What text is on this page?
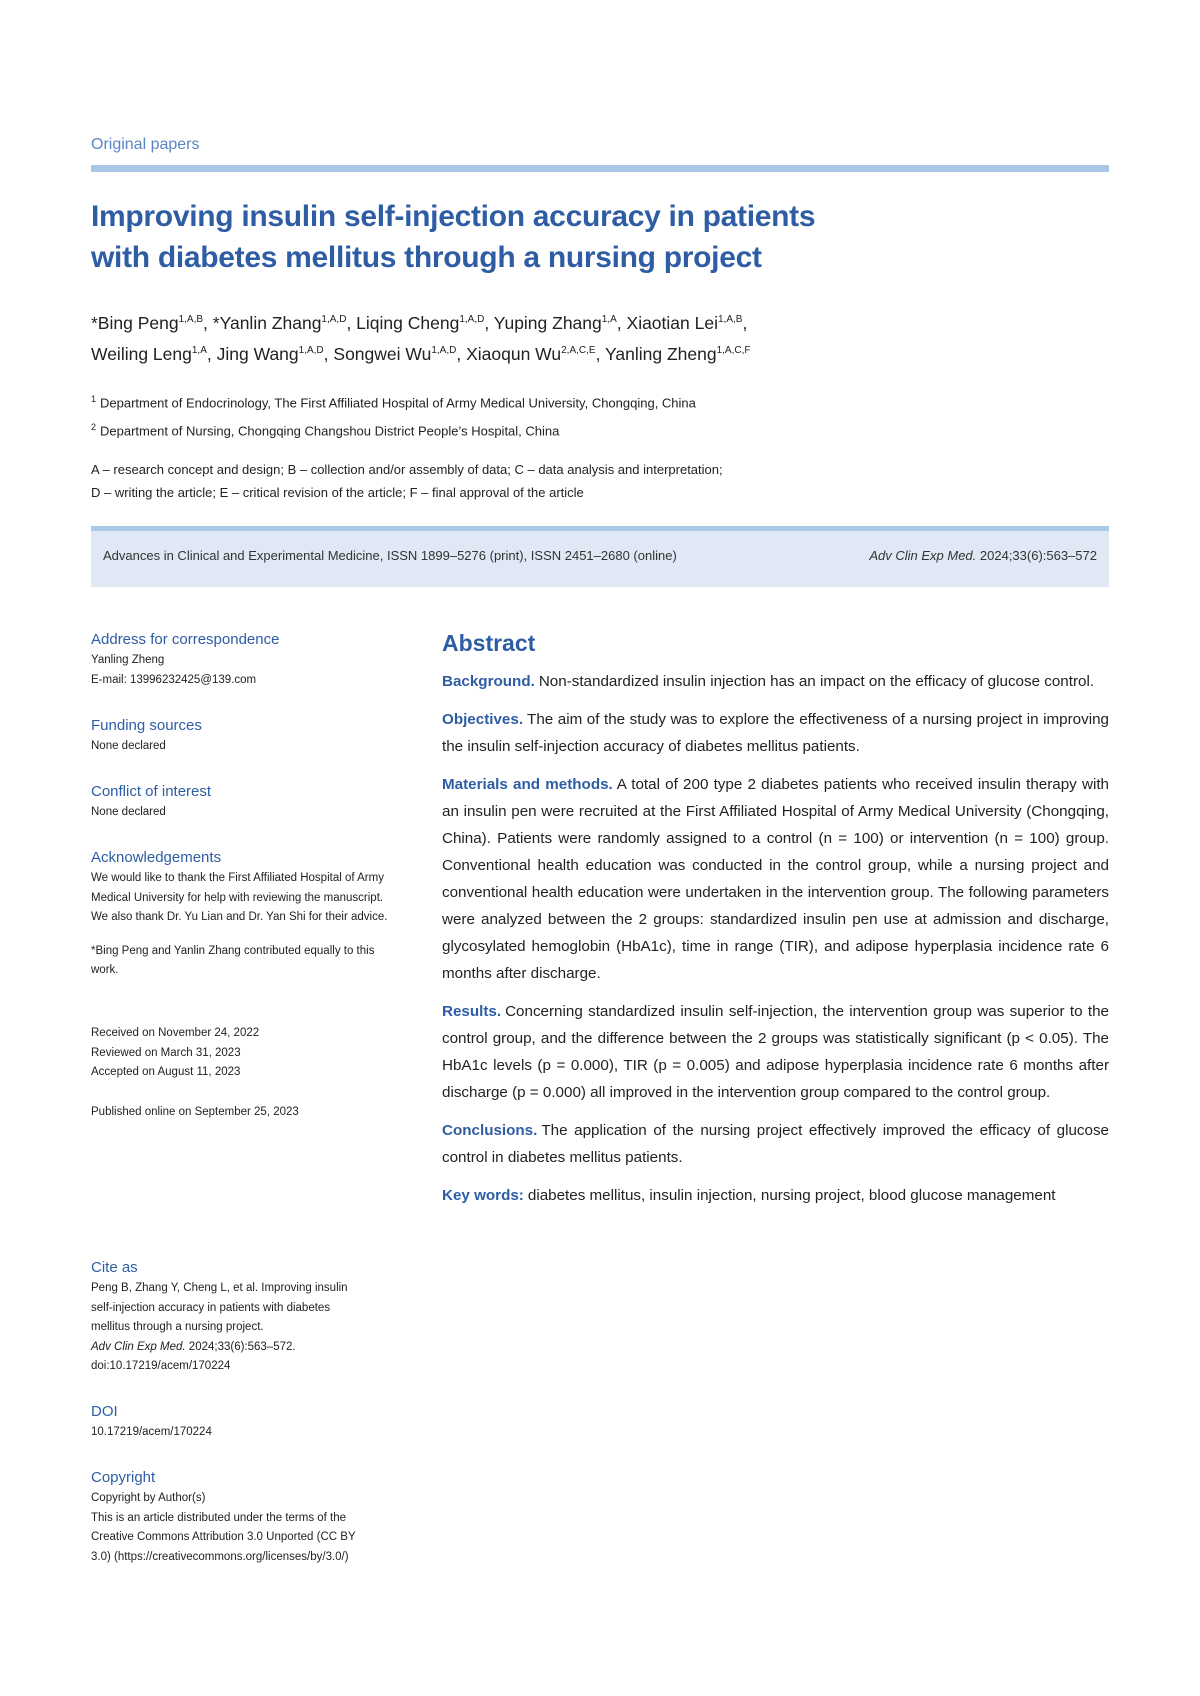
Original papers
Improving insulin self-injection accuracy in patients with diabetes mellitus through a nursing project
*Bing Peng$^{1,A,B}$, *Yanlin Zhang$^{1,A,D}$, Liqing Cheng$^{1,A,D}$, Yuping Zhang$^{1,A}$, Xiaotian Lei$^{1,A,B}$,
Weiling Leng$^{1,A}$, Jing Wang$^{1,A,D}$, Songwei $Wu^{1,A,D}$, Xiaoqun $Wu^{2,A,C,E}$, Yanling Zheng$^{1,A,C,F}$
$^1$ Department of Endocrinology, The First Affiliated Hospital of Army Medical University, Chongqing, China
$^2$ Department of Nursing, Chongqing Changshou District People’s Hospital, China
A – research concept and design; B – collection and/or assembly of data; C – data analysis and interpretation;
D – writing the article; E – critical revision of the article; F – final approval of the article
Advances in Clinical and Experimental Medicine, ISSN 1899–5276 (print), ISSN 2451–2680 (online)	Adv Clin Exp Med. 2024;33(6):563–572
Address for correspondence

Yanling Zheng

E-mail: 13996232425@139.com

Funding sources

None declared

Conflict of interest

None declared

Acknowledgements

We would like to thank the First Affiliated Hospital of Army Medical University for help with reviewing the manuscript. We also thank Dr. Yu Lian and Dr. Yan Shi for their advice.

*Bing Peng and Yanlin Zhang contributed equally to this work.

Received on November 24, 2022

Reviewed on March 31, 2023

Accepted on August 11, 2023

Published online on September 25, 2023

Cite as

Peng B, Zhang Y, Cheng L, et al. Improving insulin self-injection accuracy in patients with diabetes mellitus through a nursing project.

Adv Clin Exp Med. 2024;33(6):563–572.

doi:10.17219/acem/170224

DOI

10.17219/acem/170224

Copyright

Copyright by Author(s)

This is an article distributed under the terms of the Creative Commons Attribution 3.0 Unported (CC BY 3.0) (https://creativecommons.org/licenses/by/3.0/)

Abstract

Background. Non-standardized insulin injection has an impact on the efficacy of glucose control.

Objectives. The aim of the study was to explore the effectiveness of a nursing project in improving the insulin self-injection accuracy of diabetes mellitus patients.

Materials and methods. A total of 200 type 2 diabetes patients who received insulin therapy with an insulin pen were recruited at the First Affiliated Hospital of Army Medical University (Chongqing, China). Patients were randomly assigned to a control (n = 100) or intervention (n = 100) group. Conventional health education was conducted in the control group, while a nursing project and conventional health education were undertaken in the intervention group. The following parameters were analyzed between the 2 groups: standardized insulin pen use at admission and discharge, glycosylated hemoglobin (HbA1c), time in range (TIR), and adipose hyperplasia incidence rate 6 months after discharge.

Results. Concerning standardized insulin self-injection, the intervention group was superior to the control group, and the difference between the 2 groups was statistically significant (p < 0.05). The HbA1c levels (p = 0.000), TIR (p = 0.005) and adipose hyperplasia incidence rate 6 months after discharge (p = 0.000) all improved in the intervention group compared to the control group.

Conclusions. The application of the nursing project effectively improved the efficacy of glucose control in diabetes mellitus patients.

Key words: diabetes mellitus, insulin injection, nursing project, blood glucose management
